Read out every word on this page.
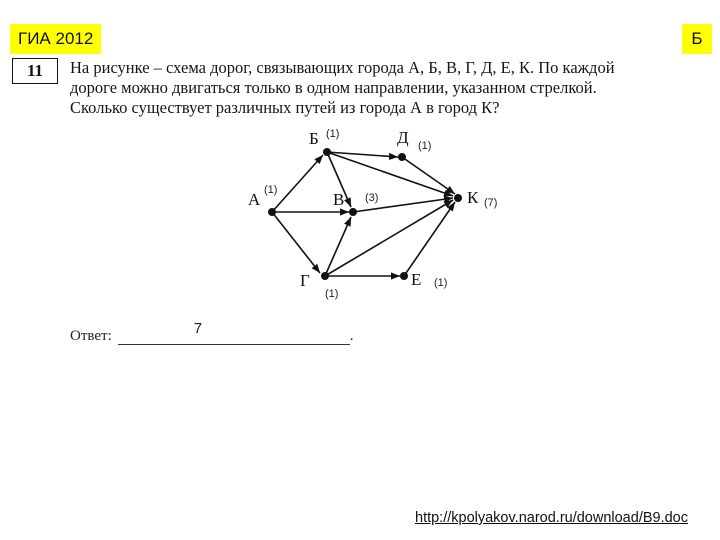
ГИА 2012	Б
11	На рисунке – схема дорог, связывающих города А, Б, В, Г, Д, Е, К. По каждой
дороге можно двигаться только в одном направлении, указанном стрелкой.
Сколько существует различных путей из города А в город К?
А
Б
В
Г
Д
Е
К
(1)
(1)
(3)
(1)
(1)
(1)
(7)
Ответ:	7	.
http://kpolyakov.narod.ru/download/B9.doc
